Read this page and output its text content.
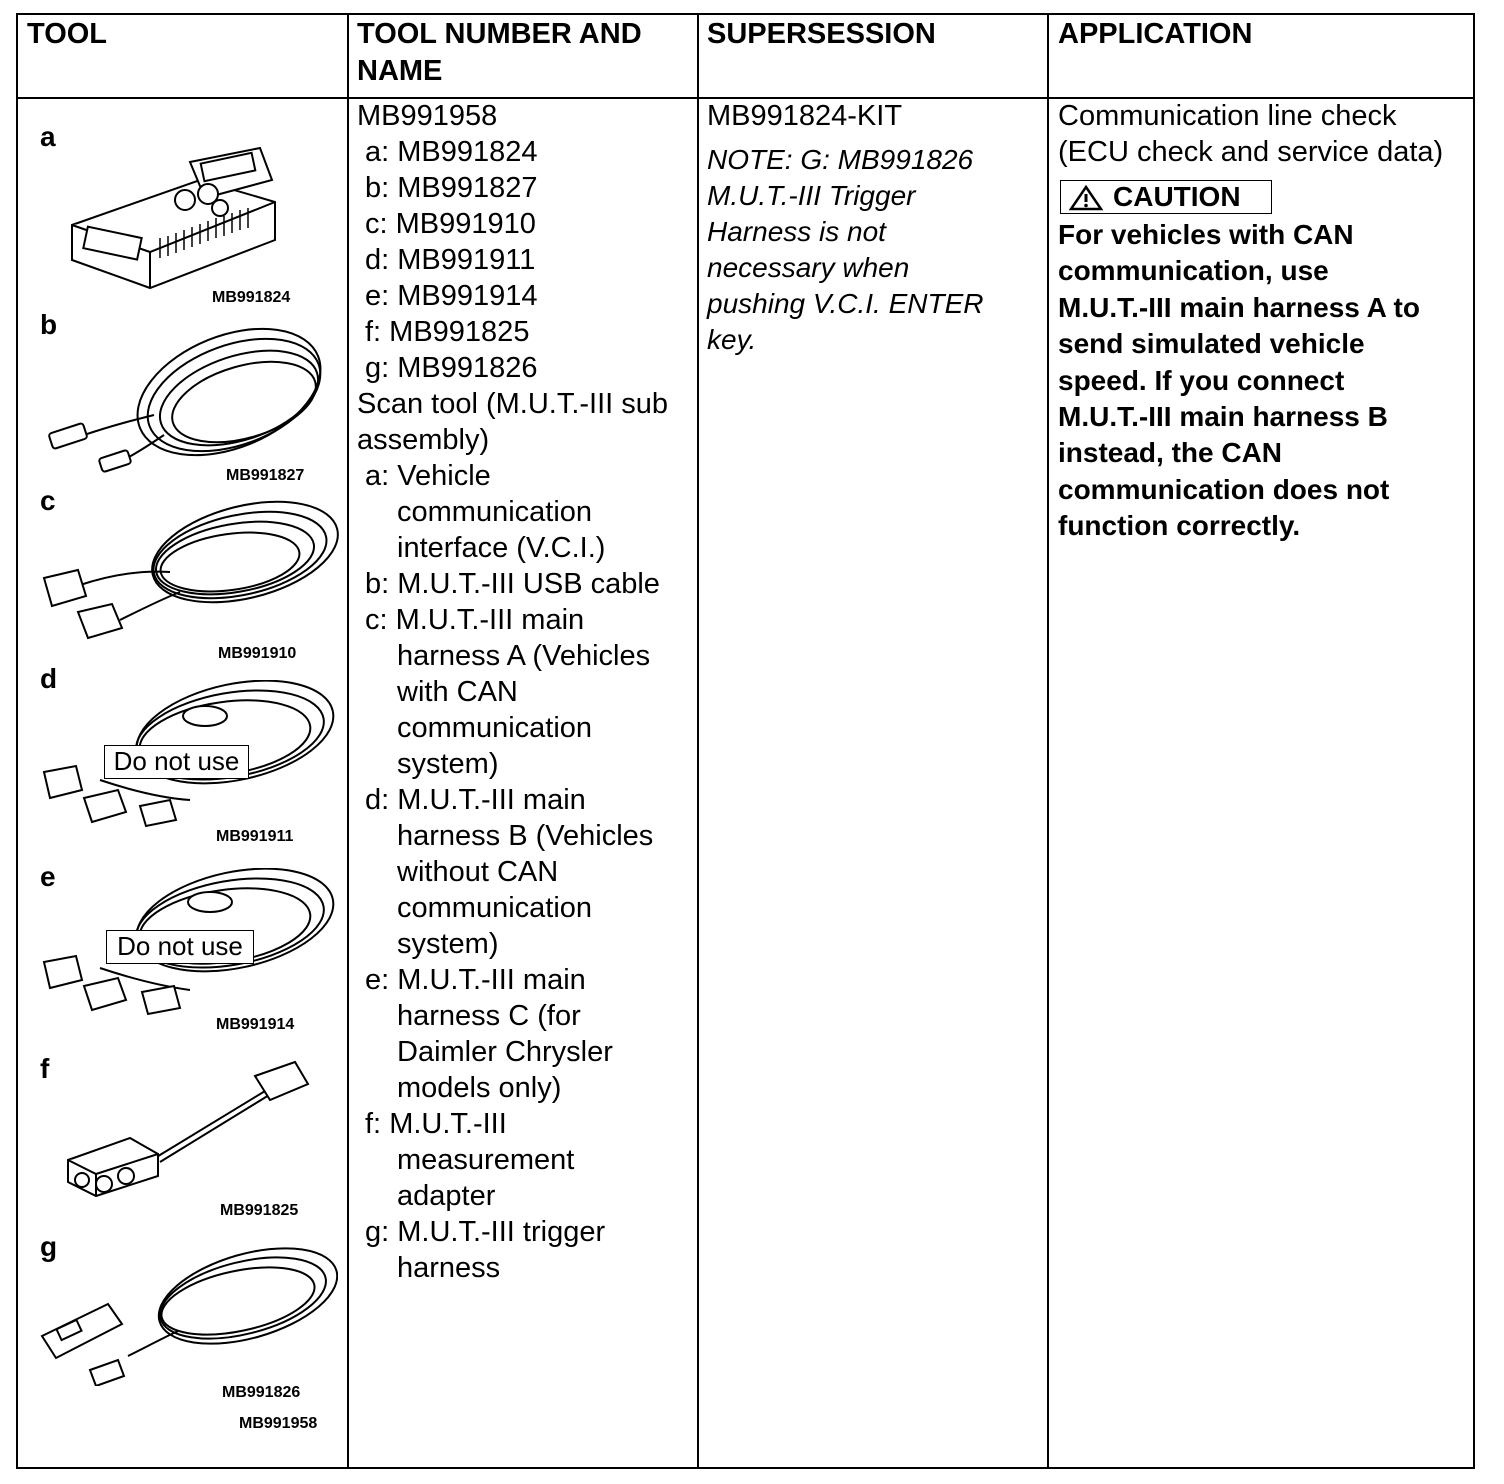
TOOL	TOOL NUMBER AND
NAME
SUPERSESSION	APPLICATION
a
b
c
d
e
f
g
MB991824
MB991827
MB991910
Do not use
MB991911
Do not use
MB991914
MB991825
MB991826
MB991958
MB991958
a: MB991824
b: MB991827
c: MB991910
d: MB991911
e: MB991914
f: MB991825
g: MB991826
Scan tool (M.U.T.-III sub
assembly)
a: Vehicle
communication
interface (V.C.I.)
b: M.U.T.-III USB cable
c: M.U.T.-III main
harness A (Vehicles
with CAN
communication
system)
d: M.U.T.-III main
harness B (Vehicles
without CAN
communication
system)
e: M.U.T.-III main
harness C (for
Daimler Chrysler
models only)
f: M.U.T.-III
measurement
adapter
g: M.U.T.-III trigger
harness
MB991824-KIT
NOTE: G: MB991826
M.U.T.-III Trigger
Harness is not
necessary when
pushing V.C.I. ENTER
key.
Communication line check
(ECU check and service data)
CAUTION
For vehicles with CAN
communication, use
M.U.T.-III main harness A to
send simulated vehicle
speed. If you connect
M.U.T.-III main harness B
instead, the CAN
communication does not
function correctly.
